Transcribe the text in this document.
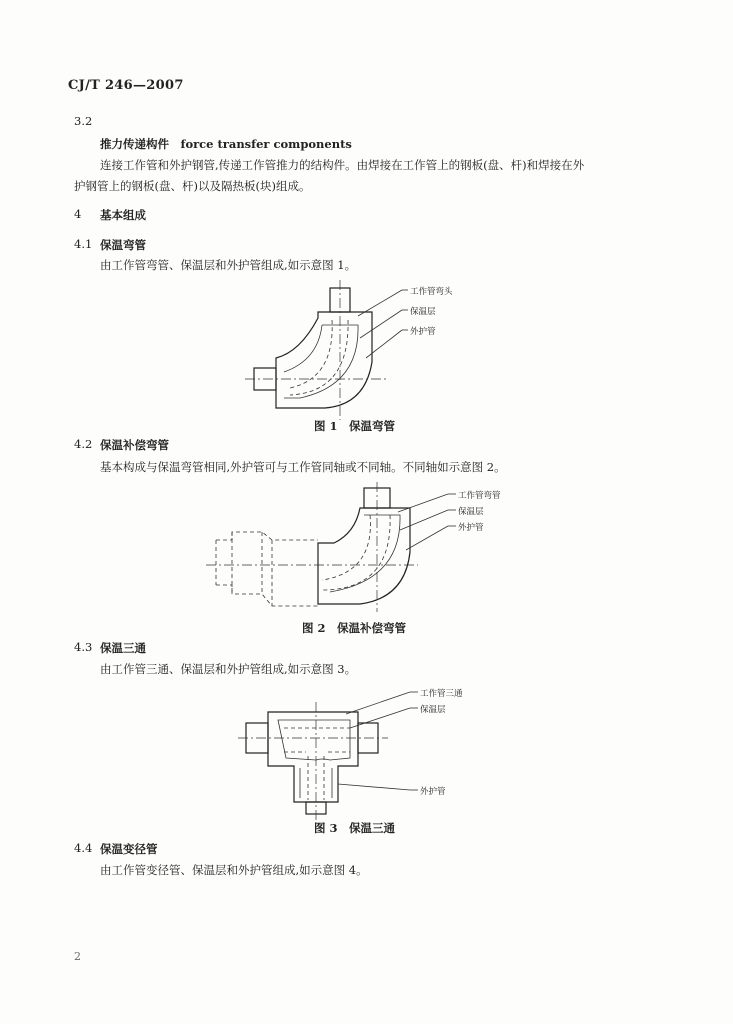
CJ/T 246—2007
3.2
推力传递构件　force transfer components
连接工作管和外护钢管,传递工作管推力的结构件。由焊接在工作管上的钢板(盘、杆)和焊接在外
护钢管上的钢板(盘、杆)以及隔热板(块)组成。
4 基本组成
4.1 保温弯管
由工作管弯管、保温层和外护管组成,如示意图 1。
工作管弯头
保温层
外护管
图 1　保温弯管
4.2 保温补偿弯管
基本构成与保温弯管相同,外护管可与工作管同轴或不同轴。不同轴如示意图 2。
工作管弯管
保温层
外护管
图 2　保温补偿弯管
4.3 保温三通
由工作管三通、保温层和外护管组成,如示意图 3。
工作管三通
保温层
外护管
图 3　保温三通
4.4 保温变径管
由工作管变径管、保温层和外护管组成,如示意图 4。
2
